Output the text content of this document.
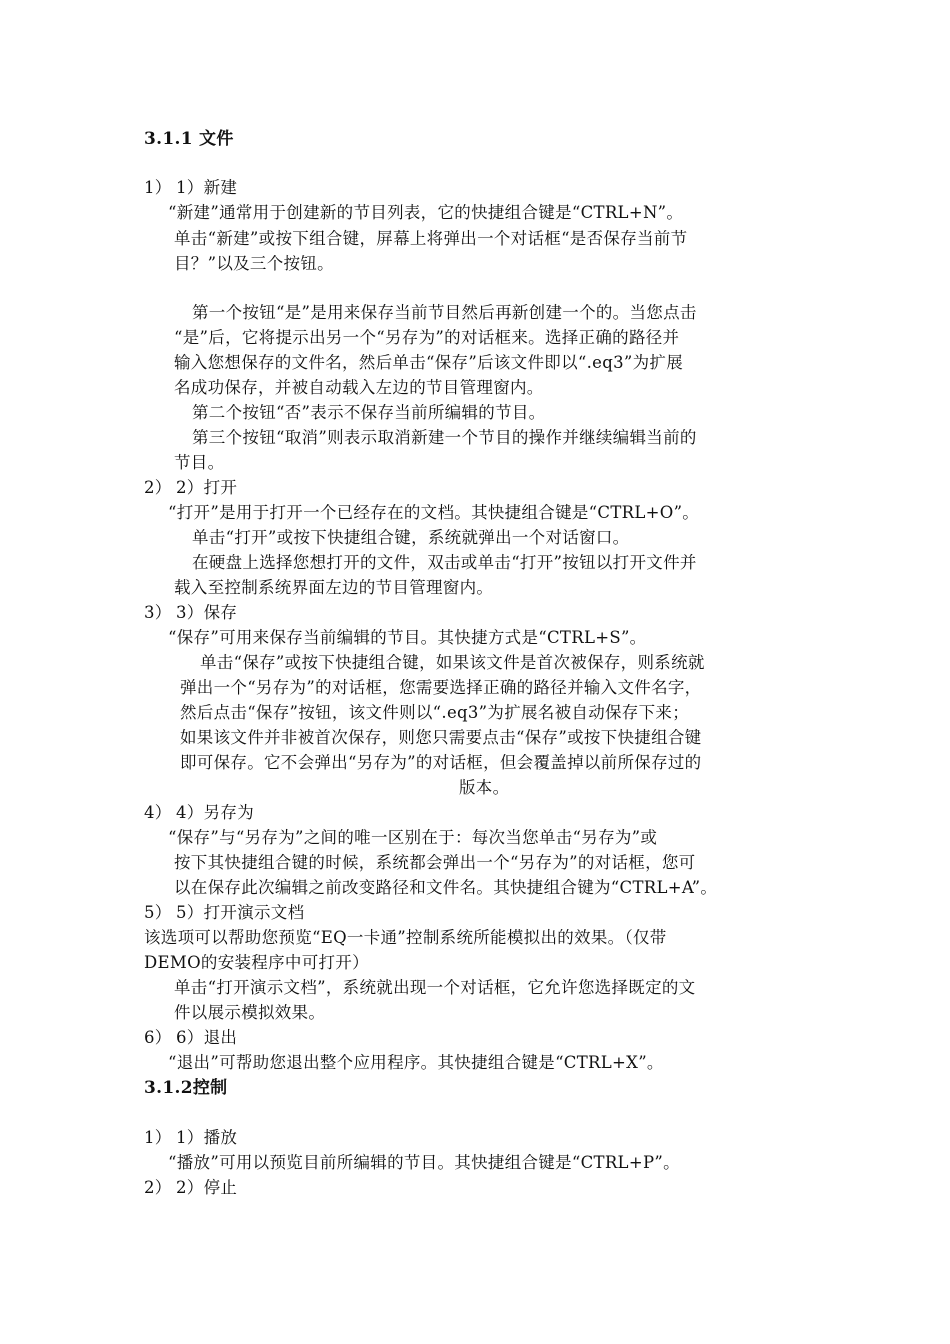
3.1.1 文件
1） 1）新建
“新建”通常用于创建新的节目列表，它的快捷组合键是“CTRL+N”。
单击“新建”或按下组合键，屏幕上将弹出一个对话框“是否保存当前节
目？”以及三个按钮。
第一个按钮“是”是用来保存当前节目然后再新创建一个的。当您点击
“是”后，它将提示出另一个“另存为”的对话框来。选择正确的路径并
输入您想保存的文件名，然后单击“保存”后该文件即以“.eq3”为扩展
名成功保存，并被自动载入左边的节目管理窗内。
第二个按钮“否”表示不保存当前所编辑的节目。
第三个按钮“取消”则表示取消新建一个节目的操作并继续编辑当前的
节目。
2） 2）打开
“打开”是用于打开一个已经存在的文档。其快捷组合键是“CTRL+O”。
单击“打开”或按下快捷组合键，系统就弹出一个对话窗口。
在硬盘上选择您想打开的文件，双击或单击“打开”按钮以打开文件并
载入至控制系统界面左边的节目管理窗内。
3） 3）保存
“保存”可用来保存当前编辑的节目。其快捷方式是“CTRL+S”。
单击“保存”或按下快捷组合键，如果该文件是首次被保存，则系统就
弹出一个“另存为”的对话框，您需要选择正确的路径并输入文件名字，
然后点击“保存”按钮，该文件则以“.eq3”为扩展名被自动保存下来；
如果该文件并非被首次保存，则您只需要点击“保存”或按下快捷组合键
即可保存。它不会弹出“另存为”的对话框，但会覆盖掉以前所保存过的
版本。
4） 4）另存为
“保存”与“另存为”之间的唯一区别在于：每次当您单击“另存为”或
按下其快捷组合键的时候，系统都会弹出一个“另存为”的对话框，您可
以在保存此次编辑之前改变路径和文件名。其快捷组合键为“CTRL+A”。
5） 5）打开演示文档
该选项可以帮助您预览“EQ一卡通”控制系统所能模拟出的效果。（仅带
DEMO的安装程序中可打开）
单击“打开演示文档”，系统就出现一个对话框，它允许您选择既定的文
件以展示模拟效果。
6） 6）退出
“退出”可帮助您退出整个应用程序。其快捷组合键是“CTRL+X”。
3.1.2控制
1） 1）播放
“播放”可用以预览目前所编辑的节目。其快捷组合键是“CTRL+P”。
2） 2）停止
